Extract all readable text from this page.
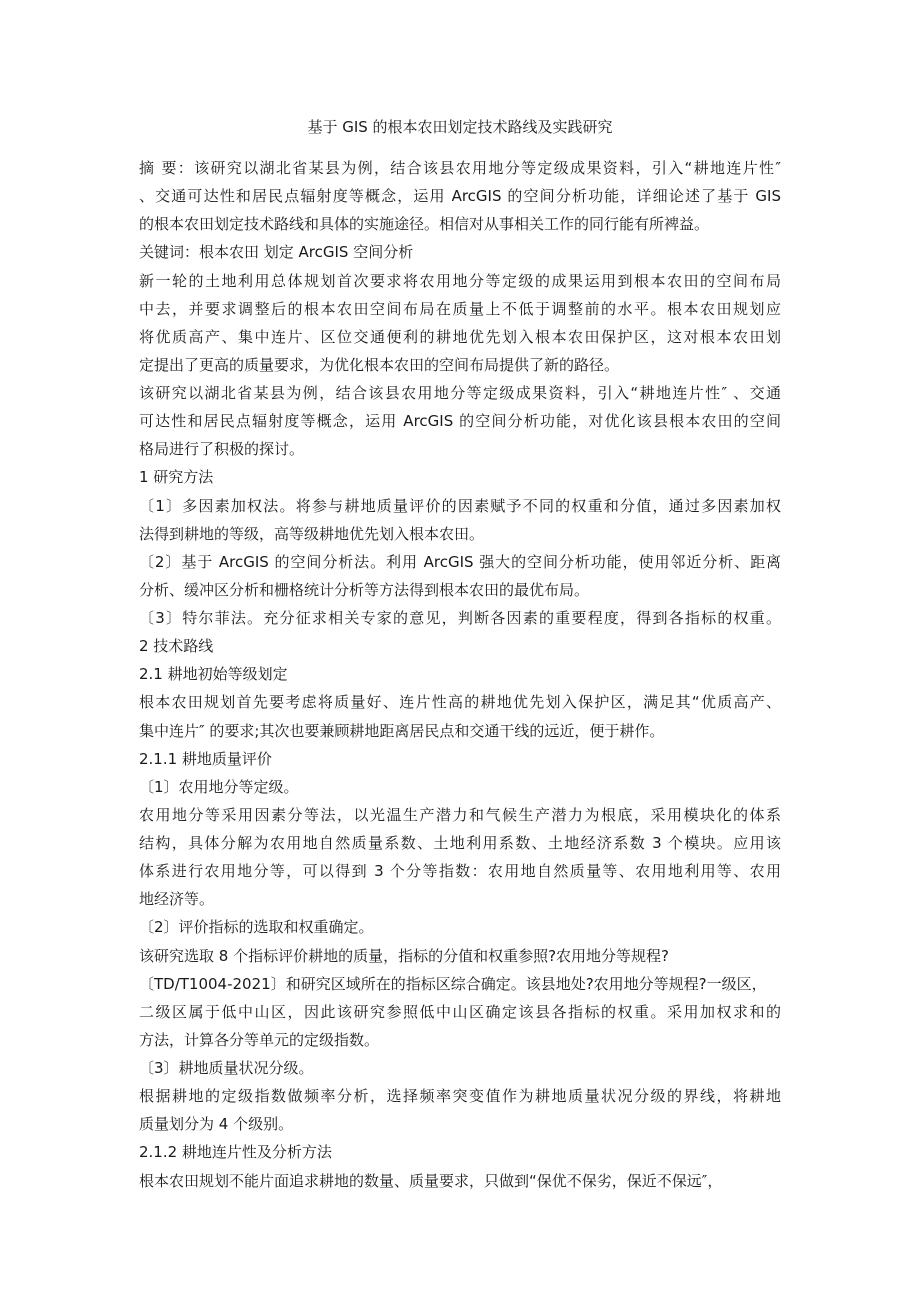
基于 GIS 的根本农田划定技术路线及实践研究
摘 要：该研究以湖北省某县为例，结合该县农用地分等定级成果资料，引入“耕地连片性″
、交通可达性和居民点辐射度等概念，运用 ArcGIS 的空间分析功能，详细论述了基于 GIS
的根本农田划定技术路线和具体的实施途径。相信对从事相关工作的同行能有所裨益。
关键词：根本农田 划定 ArcGIS 空间分析
新一轮的土地利用总体规划首次要求将农用地分等定级的成果运用到根本农田的空间布局
中去，并要求调整后的根本农田空间布局在质量上不低于调整前的水平。根本农田规划应
将优质高产、集中连片、区位交通便利的耕地优先划入根本农田保护区，这对根本农田划
定提出了更高的质量要求，为优化根本农田的空间布局提供了新的路径。
该研究以湖北省某县为例，结合该县农用地分等定级成果资料，引入“耕地连片性″ 、交通
可达性和居民点辐射度等概念，运用 ArcGIS 的空间分析功能，对优化该县根本农田的空间
格局进行了积极的探讨。
1 研究方法
〔1〕多因素加权法。将参与耕地质量评价的因素赋予不同的权重和分值，通过多因素加权
法得到耕地的等级，高等级耕地优先划入根本农田。
〔2〕基于 ArcGIS 的空间分析法。利用 ArcGIS 强大的空间分析功能，使用邻近分析、距离
分析、缓冲区分析和栅格统计分析等方法得到根本农田的最优布局。
〔3〕特尔菲法。充分征求相关专家的意见，判断各因素的重要程度，得到各指标的权重。
2 技术路线
2.1 耕地初始等级划定
根本农田规划首先要考虑将质量好、连片性高的耕地优先划入保护区，满足其“优质高产、
集中连片″ 的要求;其次也要兼顾耕地距离居民点和交通干线的远近，便于耕作。
2.1.1 耕地质量评价
〔1〕农用地分等定级。
农用地分等采用因素分等法，以光温生产潜力和气候生产潜力为根底，采用模块化的体系
结构，具体分解为农用地自然质量系数、土地利用系数、土地经济系数 3 个模块。应用该
体系进行农用地分等，可以得到 3 个分等指数：农用地自然质量等、农用地利用等、农用
地经济等。
〔2〕评价指标的选取和权重确定。
该研究选取 8 个指标评价耕地的质量，指标的分值和权重参照?农用地分等规程?
〔TD/T1004-2021〕和研究区域所在的指标区综合确定。该县地处?农用地分等规程?一级区，
二级区属于低中山区，因此该研究参照低中山区确定该县各指标的权重。采用加权求和的
方法，计算各分等单元的定级指数。
〔3〕耕地质量状况分级。
根据耕地的定级指数做频率分析，选择频率突变值作为耕地质量状况分级的界线，将耕地
质量划分为 4 个级别。
2.1.2 耕地连片性及分析方法
根本农田规划不能片面追求耕地的数量、质量要求，只做到“保优不保劣，保近不保远″，
